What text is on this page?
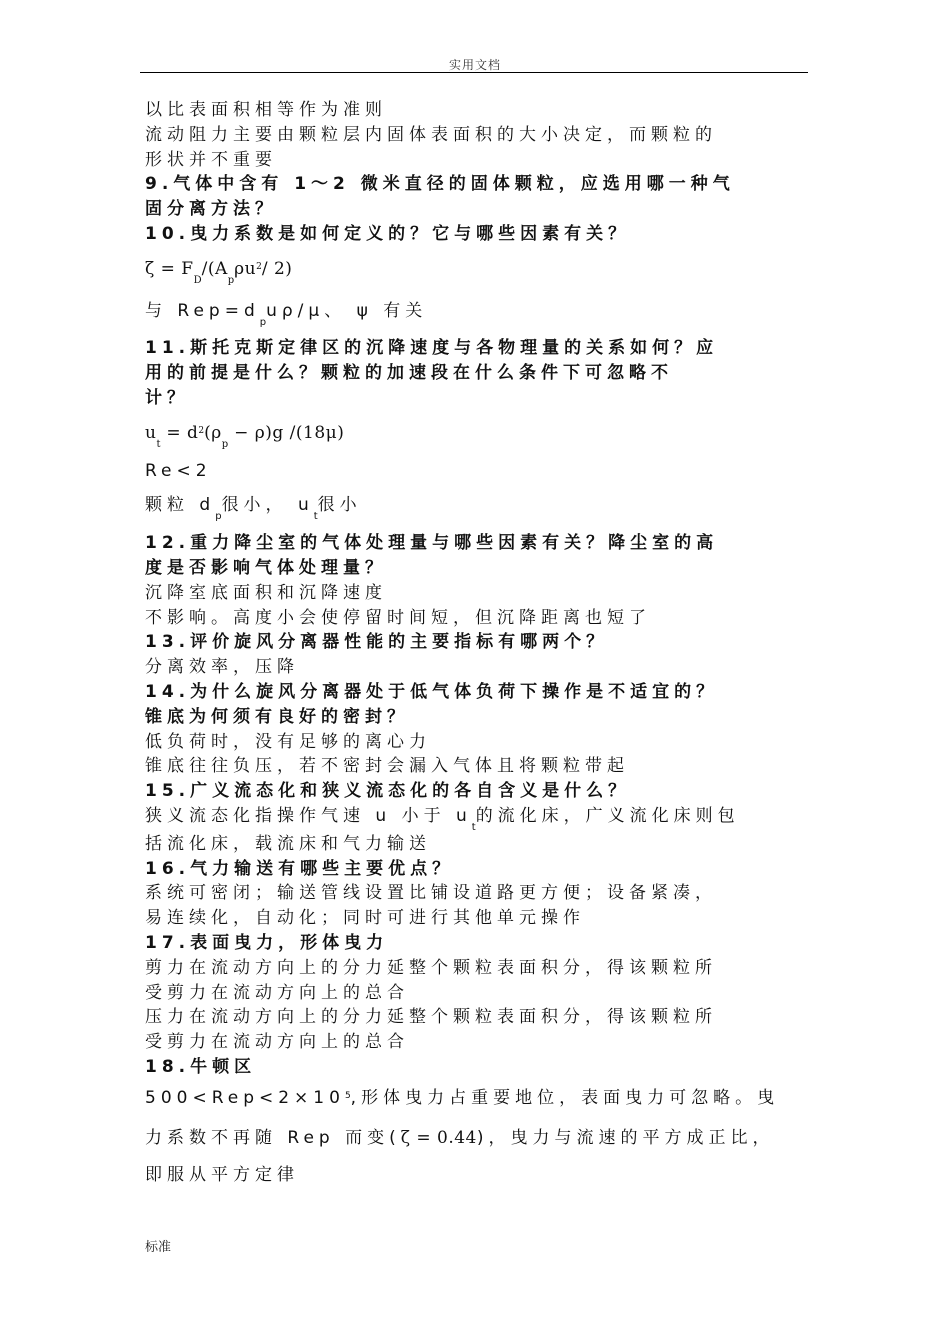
实用文档

以比表面积相等作为准则

流动阻力主要由颗粒层内固体表面积的大小决定，而颗粒的

形状并不重要

9.气体中含有 1～2 微米直径的固体颗粒，应选用哪一种气

固分离方法？

10.曳力系数是如何定义的？它与哪些因素有关？

$\zeta = F_D/(A_p\rho u^2/$ 2)

与 $Rep=d_pu\rho/\mu$、 ψ 有关

11.斯托克斯定律区的沉降速度与各物理量的关系如何？应

用的前提是什么？颗粒的加速段在什么条件下可忽略不

计？

$u_t = d^2(\rho_p - \rho)g$ /(18μ)

Re<2

颗粒 $d_p$很小， $u_t$很小

12.重力降尘室的气体处理量与哪些因素有关？降尘室的高

度是否影响气体处理量？

沉降室底面积和沉降速度

不影响。高度小会使停留时间短，但沉降距离也短了

13.评价旋风分离器性能的主要指标有哪两个？

分离效率，压降

14.为什么旋风分离器处于低气体负荷下操作是不适宜的？

锥底为何须有良好的密封？

低负荷时，没有足够的离心力

锥底往往负压，若不密封会漏入气体且将颗粒带起

15.广义流态化和狭义流态化的各自含义是什么？

狭义流态化指操作气速 u 小于 $u_t$的流化床，广义流化床则包

括流化床，载流床和气力输送

16.气力输送有哪些主要优点？

系统可密闭；输送管线设置比铺设道路更方便；设备紧凑，

易连续化，自动化；同时可进行其他单元操作

17.表面曳力，形体曳力

剪力在流动方向上的分力延整个颗粒表面积分，得该颗粒所

受剪力在流动方向上的总合

压力在流动方向上的分力延整个颗粒表面积分，得该颗粒所

受剪力在流动方向上的总合

18.牛顿区

$500<Rep<2\times 10^5$,形体曳力占重要地位，表面曳力可忽略。曳

力系数不再随 Rep 而变(ζ = 0.44)，曳力与流速的平方成正比，

即服从平方定律

标准
